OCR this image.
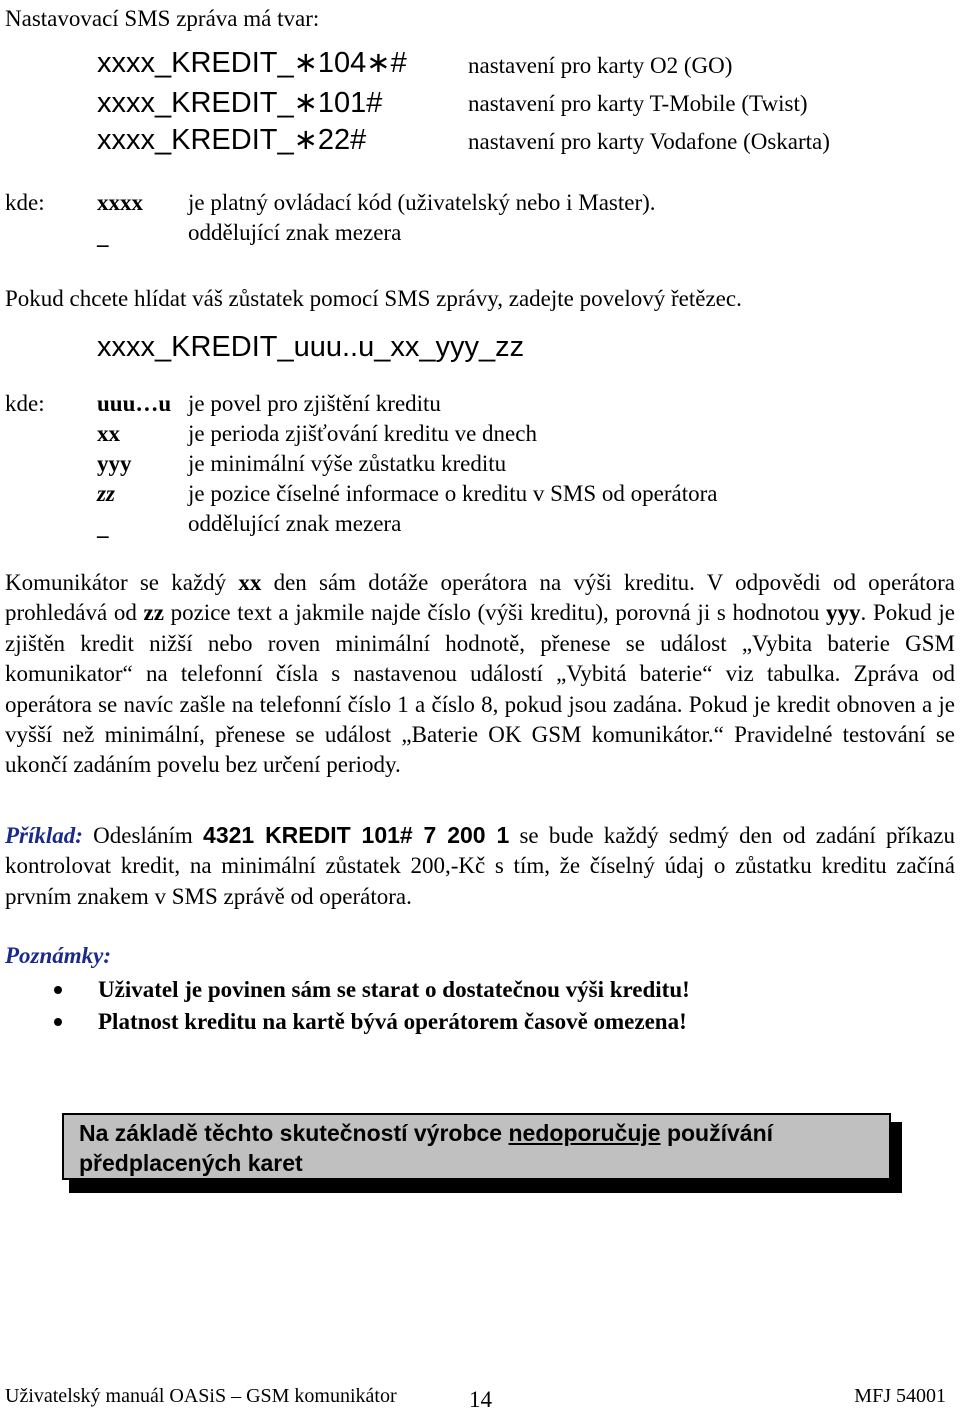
Nastavovací SMS zpráva má tvar:
xxxx_KREDIT_∗104∗#	nastavení pro karty O2 (GO)
xxxx_KREDIT_∗101#	nastavení pro karty T-Mobile (Twist)
xxxx_KREDIT_∗22#	nastavení pro karty Vodafone (Oskarta)
kde: xxxx je platný ovládací kód (uživatelský nebo i Master).
_	oddělující znak mezera
Pokud chcete hlídat váš zůstatek pomocí SMS zprávy, zadejte povelový řetězec.
xxxx_KREDIT_uuu..u_xx_yyy_zz
kde: uuu…u je povel pro zjištění kreditu
xx	je perioda zjišťování kreditu ve dnech
yyy je minimální výše zůstatku kreditu
zz	je pozice číselné informace o kreditu v SMS od operátora
_	oddělující znak mezera
Komunikátor se každý xx den sám dotáže operátora na výši kreditu. V odpovědi od operátora prohledává od zz pozice text a jakmile najde číslo (výši kreditu), porovná ji s hodnotou yyy. Pokud je zjištěn kredit nižší nebo roven minimální hodnotě, přenese se událost „Vybita baterie GSM komunikator“ na telefonní čísla s nastavenou událostí „Vybitá baterie“ viz tabulka. Zpráva od operátora se navíc zašle na telefonní číslo 1 a číslo 8, pokud jsou zadána. Pokud je kredit obnoven a je vyšší než minimální, přenese se událost „Baterie OK GSM komunikátor.“ Pravidelné testování se ukončí zadáním povelu bez určení periody.
Příklad: Odesláním 4321 KREDIT 101# 7 200 1 se bude každý sedmý den od zadání příkazu kontrolovat kredit, na minimální zůstatek 200,-Kč s tím, že číselný údaj o zůstatku kreditu začíná prvním znakem v SMS zprávě od operátora.
Poznámky:
Uživatel je povinen sám se starat o dostatečnou výši kreditu!
Platnost kreditu na kartě bývá operátorem časově omezena!
Na základě těchto skutečností výrobce nedoporučuje používání
předplacených karet
Uživatelský manuál OASiS – GSM komunikátor	14	MFJ 54001
